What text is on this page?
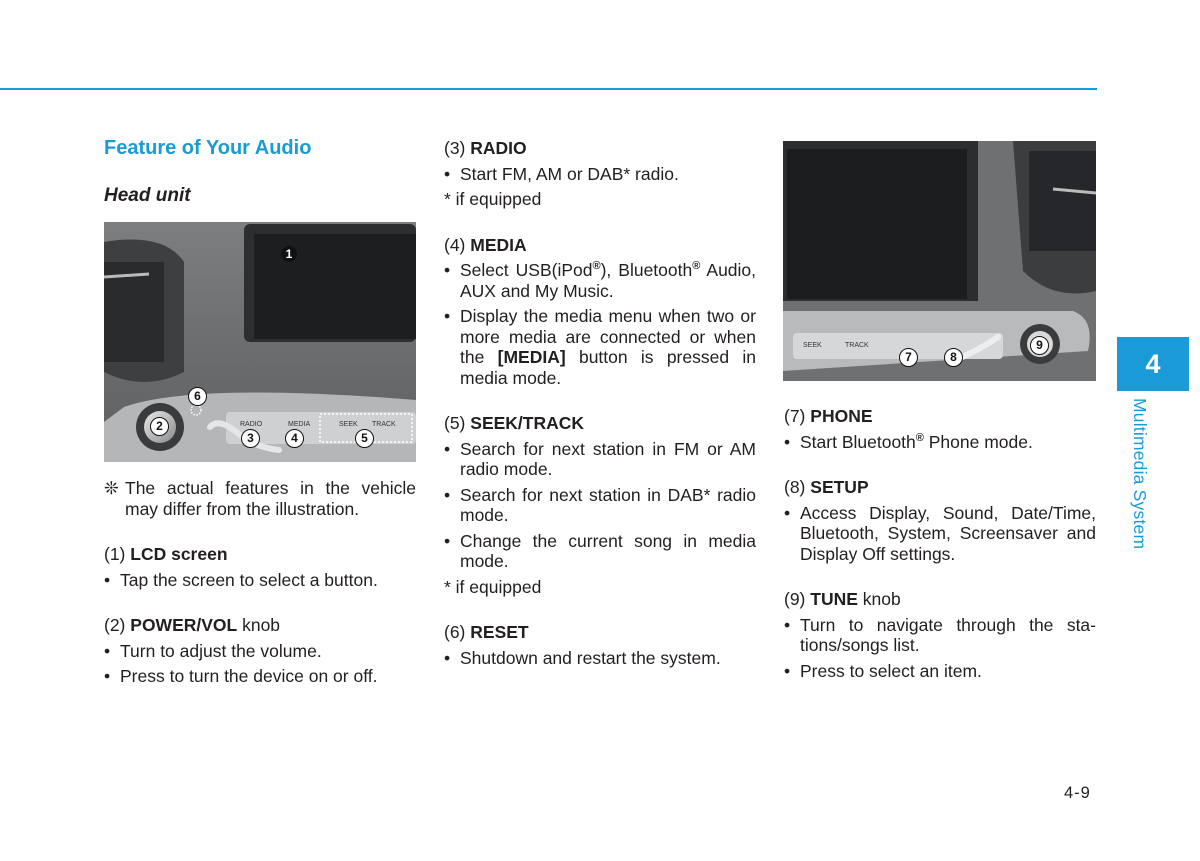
Feature of Your Audio

Head unit

RADIO	MEDIA	SEEK TRACK
1
2
3	4	5
6

❊ The actual features in the vehicle may differ from the illustration.

(1) LCD screen

• Tap the screen to select a button.

(2) POWER/VOL knob

• Turn to adjust the volume.

• Press to turn the device on or off.

(3) RADIO

• Start FM, AM or DAB* radio.

* if equipped

(4) MEDIA

• Select USB(iPod®), Bluetooth® Audio, AUX and My Music.

• Display the media menu when two or more media are connected or when the [MEDIA] button is pressed in media mode.

(5) SEEK/TRACK

• Search for next station in FM or AM radio mode.

• Search for next station in DAB* radio mode.

• Change the current song in media mode.

* if equipped

(6) RESET

• Shutdown and restart the system.

SEEK	TRACK
7	8
9

(7) PHONE

• Start Bluetooth® Phone mode.

(8) SETUP

• Access Display, Sound, Date/Time, Bluetooth, System, Screensaver and Display Off settings.

(9) TUNE knob

• Turn to navigate through the sta-tions/songs list.

• Press to select an item.

4
Multimedia System
4-9
